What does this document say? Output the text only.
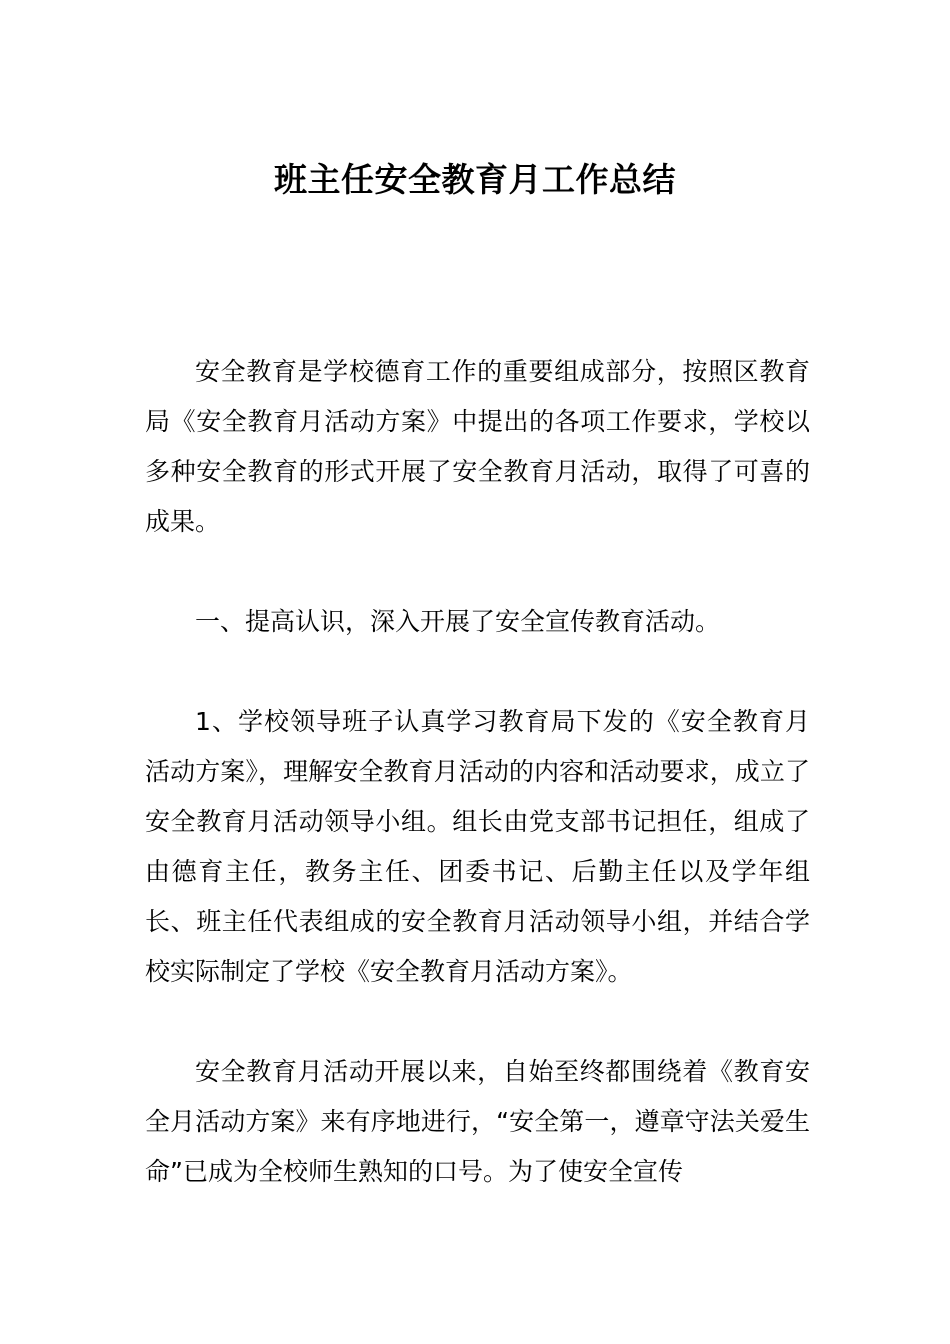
班主任安全教育月工作总结

安全教育是学校德育工作的重要组成部分，按照区教育局《安全教育月活动方案》中提出的各项工作要求，学校以多种安全教育的形式开展了安全教育月活动，取得了可喜的成果。

一、提高认识，深入开展了安全宣传教育活动。

1、学校领导班子认真学习教育局下发的《安全教育月活动方案》，理解安全教育月活动的内容和活动要求，成立了安全教育月活动领导小组。组长由党支部书记担任，组成了由德育主任，教务主任、团委书记、后勤主任以及学年组长、班主任代表组成的安全教育月活动领导小组，并结合学校实际制定了学校《安全教育月活动方案》。

安全教育月活动开展以来，自始至终都围绕着《教育安全月活动方案》来有序地进行，“安全第一，遵章守法关爱生命”已成为全校师生熟知的口号。为了使安全宣传
